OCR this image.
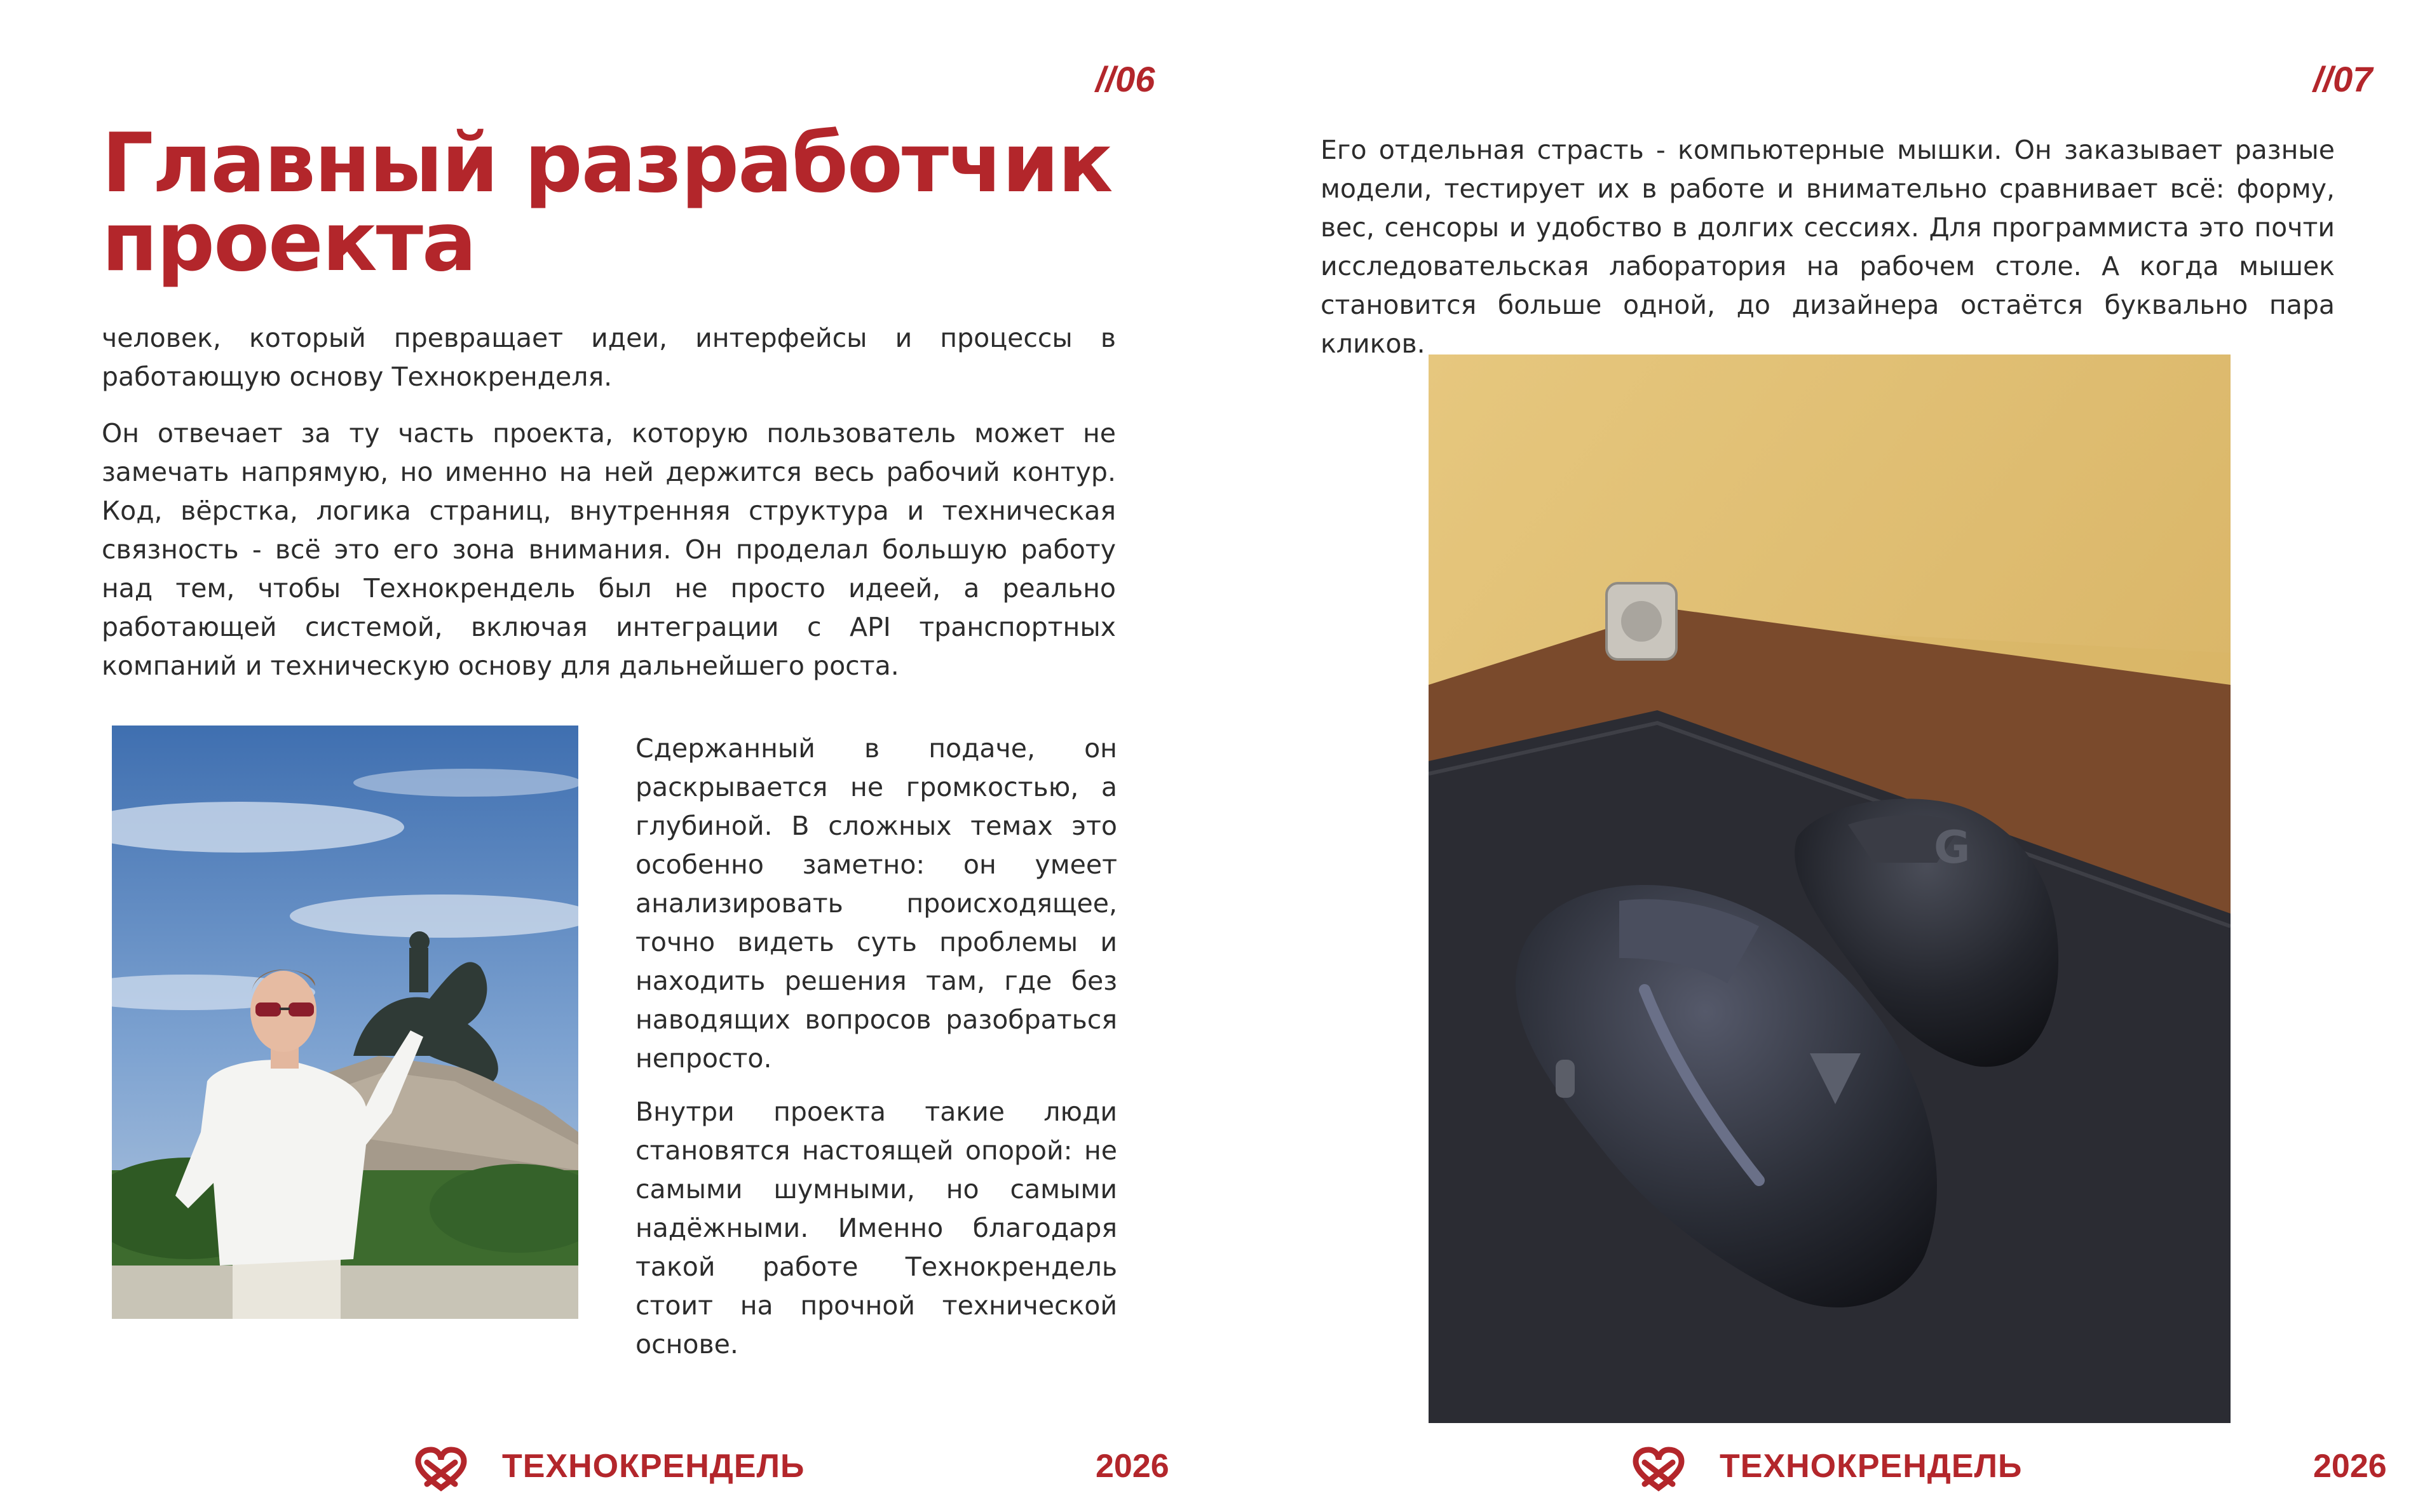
//06
Главный разработчик проекта

человек, который превращает идеи, интерфейсы и процессы в работающую основу Технокренделя.

Он отвечает за ту часть проекта, которую пользователь может не замечать напрямую, но именно на ней держится весь рабочий контур. Код, вёрстка, логика страниц, внутренняя структура и техническая связность - всё это его зона внимания. Он проделал большую работу над тем, чтобы Технокрендель был не просто идеей, а реально работающей системой, включая интеграции с API транспортных компаний и техническую основу для дальнейшего роста.

Сдержанный в подаче, он раскрывается не громкостью, а глубиной. В сложных темах это особенно заметно: он умеет анализировать происходящее, точно видеть суть проблемы и находить решения там, где без наводящих вопросов разобраться непросто.

Внутри проекта такие люди становятся настоящей опорой: не самыми шумными, но самыми надёжными. Именно благодаря такой работе Технокрендель стоит на прочной технической основе.

ТЕХНОКРЕНДЕЛЬ	2026
//07

Его отдельная страсть - компьютерные мышки. Он заказывает разные модели, тестирует их в работе и внимательно сравнивает всё: форму, вес, сенсоры и удобство в долгих сессиях. Для программиста это почти исследовательская лаборатория на рабочем столе. А когда мышек становится больше одной, до дизайнера остаётся буквально пара кликов.

G
ТЕХНОКРЕНДЕЛЬ	2026
